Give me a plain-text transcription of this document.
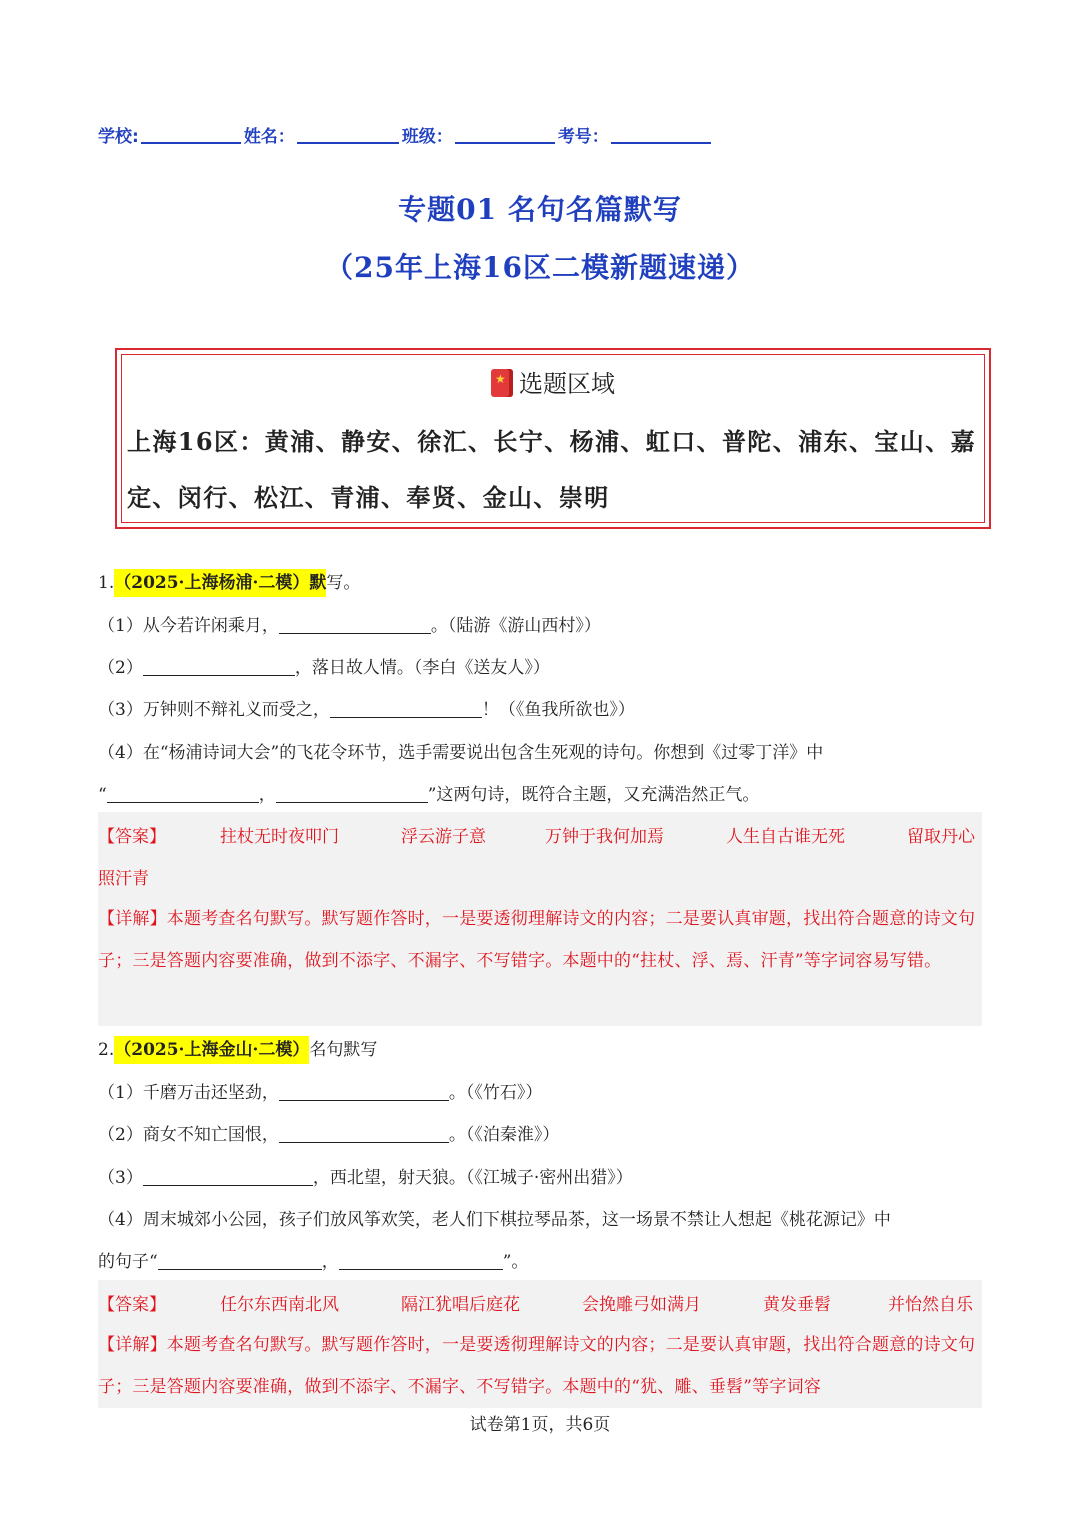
学校:	姓名：	班级：	考号：
专题01 名句名篇默写
（25年上海16区二模新题速递）
★选题区域
上海16区：黄浦、静安、徐汇、长宁、杨浦、虹口、普陀、浦东、宝山、嘉定、闵行、松江、青浦、奉贤、金山、崇明
1.（2025·上海杨浦·二模）默写。
（1）从今若许闲乘月，	。（陆游《游山西村》）
（2）	，落日故人情。（李白《送友人》）
（3）万钟则不辩礼义而受之，	！（《鱼我所欲也》）
（4）在“杨浦诗词大会”的飞花令环节，选手需要说出包含生死观的诗句。你想到《过零丁洋》中
“	，	”这两句诗，既符合主题，又充满浩然正气。
【答案】	拄杖无时夜叩门	浮云游子意	万钟于我何加焉	人生自古谁无死	留取丹心
照汗青
【详解】本题考查名句默写。默写题作答时，一是要透彻理解诗文的内容；二是要认真审题，找出符合题意的诗文句子；三是答题内容要准确，做到不添字、不漏字、不写错字。本题中的“拄杖、浮、焉、汗青”等字词容易写错。
2.（2025·上海金山·二模）名句默写
（1）千磨万击还坚劲，	。（《竹石》）
（2）商女不知亡国恨，	。（《泊秦淮》）
（3）	，西北望，射天狼。（《江城子·密州出猎》）
（4）周末城郊小公园，孩子们放风筝欢笑，老人们下棋拉琴品茶，这一场景不禁让人想起《桃花源记》中
的句子“	，	”。
【答案】	任尔东西南北风	隔江犹唱后庭花	会挽雕弓如满月	黄发垂髫	并怡然自乐
【详解】本题考查名句默写。默写题作答时，一是要透彻理解诗文的内容；二是要认真审题，找出符合题意的诗文句子；三是答题内容要准确，做到不添字、不漏字、不写错字。本题中的“犹、雕、垂髫”等字词容
试卷第1页，共6页
